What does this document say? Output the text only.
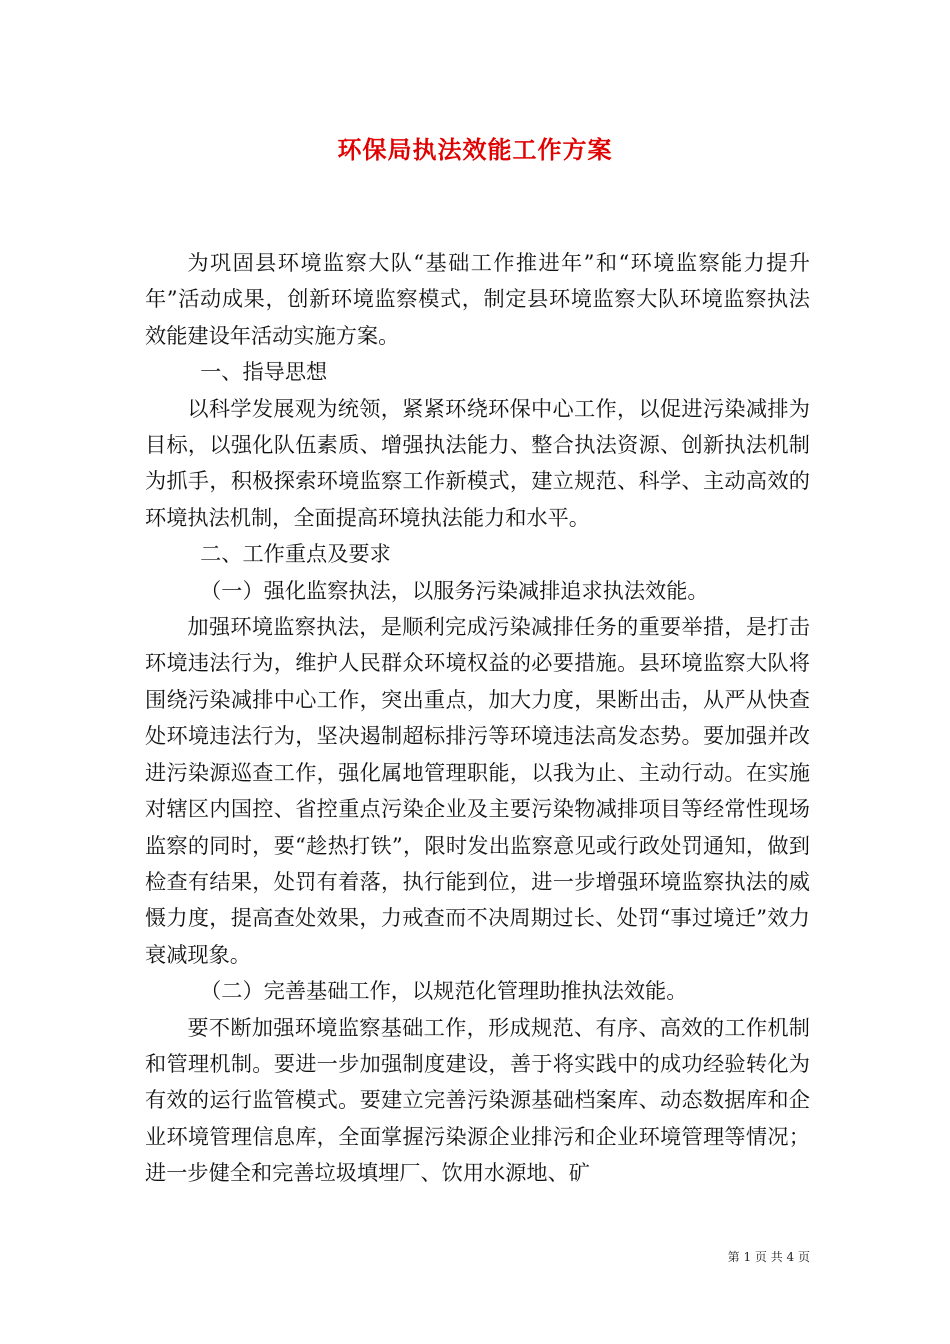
环保局执法效能工作方案

为巩固县环境监察大队“基础工作推进年”和“环境监察能力提升年”活动成果，创新环境监察模式，制定县环境监察大队环境监察执法效能建设年活动实施方案。

一、指导思想

以科学发展观为统领，紧紧环绕环保中心工作，以促进污染减排为目标，以强化队伍素质、增强执法能力、整合执法资源、创新执法机制为抓手，积极探索环境监察工作新模式，建立规范、科学、主动高效的环境执法机制，全面提高环境执法能力和水平。

二、工作重点及要求

（一）强化监察执法，以服务污染减排追求执法效能。

加强环境监察执法，是顺利完成污染减排任务的重要举措，是打击环境违法行为，维护人民群众环境权益的必要措施。县环境监察大队将围绕污染减排中心工作，突出重点，加大力度，果断出击，从严从快查处环境违法行为，坚决遏制超标排污等环境违法高发态势。要加强并改进污染源巡查工作，强化属地管理职能，以我为止、主动行动。在实施对辖区内国控、省控重点污染企业及主要污染物减排项目等经常性现场监察的同时，要“趁热打铁”，限时发出监察意见或行政处罚通知，做到检查有结果，处罚有着落，执行能到位，进一步增强环境监察执法的威慑力度，提高查处效果，力戒查而不决周期过长、处罚“事过境迁”效力衰减现象。

（二）完善基础工作，以规范化管理助推执法效能。

要不断加强环境监察基础工作，形成规范、有序、高效的工作机制和管理机制。要进一步加强制度建设，善于将实践中的成功经验转化为有效的运行监管模式。要建立完善污染源基础档案库、动态数据库和企业环境管理信息库，全面掌握污染源企业排污和企业环境管理等情况；进一步健全和完善垃圾填埋厂、饮用水源地、矿

第 1 页 共 4 页
